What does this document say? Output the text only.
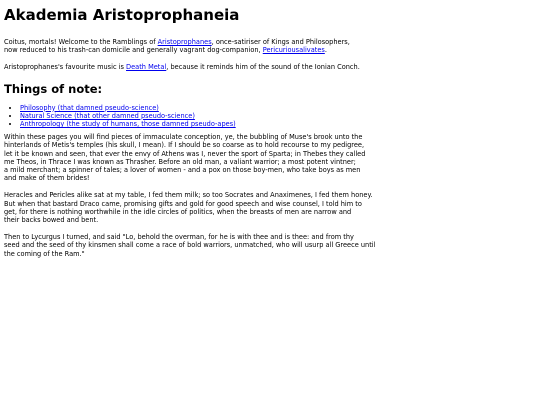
Akademia Aristoprophaneia

Coitus, mortals! Welcome to the Ramblings of Aristoprophanes, once-satiriser of Kings and Philosophers,
now reduced to his trash-can domicile and generally vagrant dog-companion, Pericuriousalivates.

Aristoprophanes's favourite music is Death Metal, because it reminds him of the sound of the Ionian Conch.

Things of note:
• Philosophy (that damned pseudo-science)
• Natural Science (that other damned pseudo-science)
• Anthropology (the study of humans, those damned pseudo-apes)

Within these pages you will find pieces of immaculate conception, ye, the bubbling of Muse's brook unto the
hinterlands of Metis's temples (his skull, I mean). If I should be so coarse as to hold recourse to my pedigree,
let it be known and seen, that ever the envy of Athens was I, never the sport of Sparta; in Thebes they called
me Theos, in Thrace I was known as Thrasher. Before an old man, a valiant warrior; a most potent vintner;
a mild merchant; a spinner of tales; a lover of women - and a pox on those boy-men, who take boys as men
and make of them brides!

Heracles and Pericles alike sat at my table, I fed them milk; so too Socrates and Anaximenes, I fed them honey.
But when that bastard Draco came, promising gifts and gold for good speech and wise counsel, I told him to
get, for there is nothing worthwhile in the idle circles of politics, when the breasts of men are narrow and
their backs bowed and bent.

Then to Lycurgus I turned, and said "Lo, behold the overman, for he is with thee and is thee: and from thy
seed and the seed of thy kinsmen shall come a race of bold warriors, unmatched, who will usurp all Greece until
the coming of the Ram."
